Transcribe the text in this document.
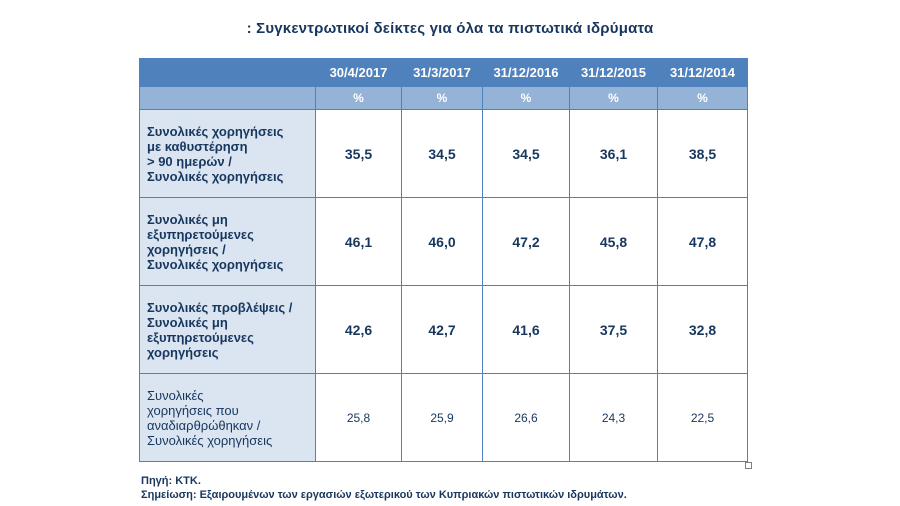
: Συγκεντρωτικοί δείκτες για όλα τα πιστωτικά ιδρύματα
	30/4/2017	31/3/2017	31/12/2016	31/12/2015	31/12/2014
	%	%	%	%	%

Συνολικές χορηγήσεις
με καθυστέρηση
> 90 ημερών /
Συνολικές χορηγήσεις	35,5	34,5	34,5	36,1	38,5

Συνολικές μη
εξυπηρετούμενες
χορηγήσεις /
Συνολικές χορηγήσεις	46,1	46,0	47,2	45,8	47,8

Συνολικές προβλέψεις /
Συνολικές μη
εξυπηρετούμενες
χορηγήσεις	42,6	42,7	41,6	37,5	32,8

Συνολικές
χορηγήσεις που
αναδιαρθρώθηκαν /
Συνολικές χορηγήσεις	25,8	25,9	26,6	24,3	22,5
Πηγή: ΚΤΚ.
Σημείωση: Εξαιρουμένων των εργασιών εξωτερικού των Κυπριακών πιστωτικών ιδρυμάτων.
